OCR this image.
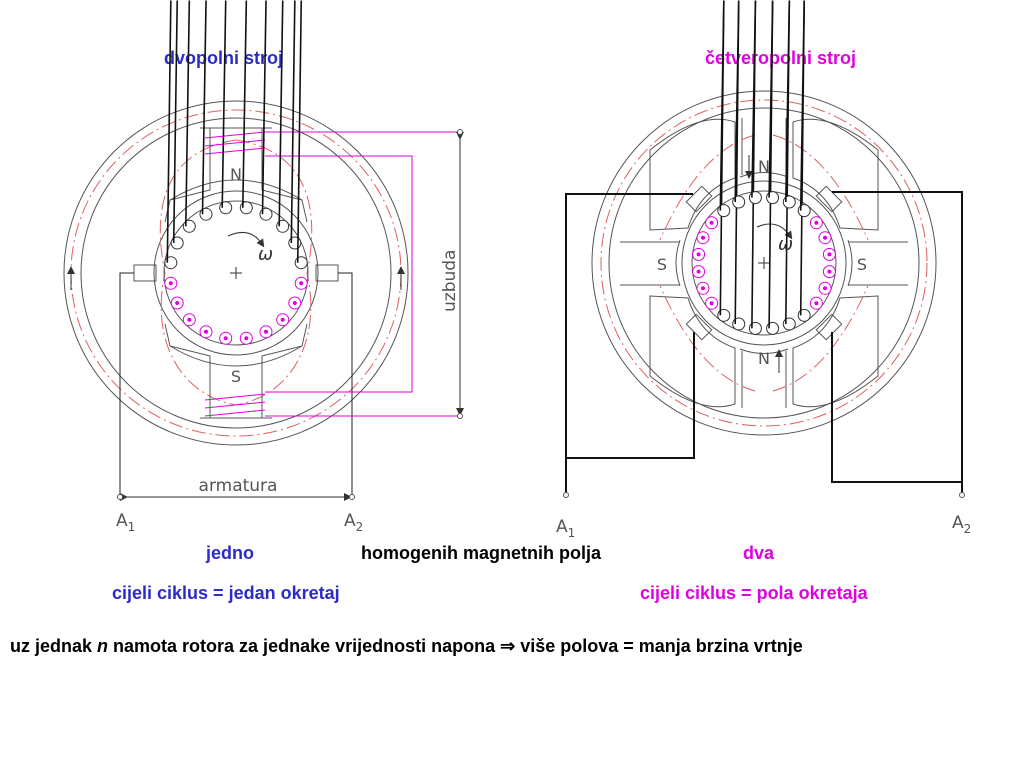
dvopolni stroj	četveropolni stroj
N
S
ω	uzbuda
armatura
$A_1$	$A_2$
N
N
S	S
ω
$A_1$	$A_2$
jedno	homogenih magnetnih polja	dva
cijeli ciklus = jedan okretaj	cijeli ciklus = pola okretaja
uz jednak n namota rotora za jednake vrijednosti napona ⇒ više polova = manja brzina vrtnje
